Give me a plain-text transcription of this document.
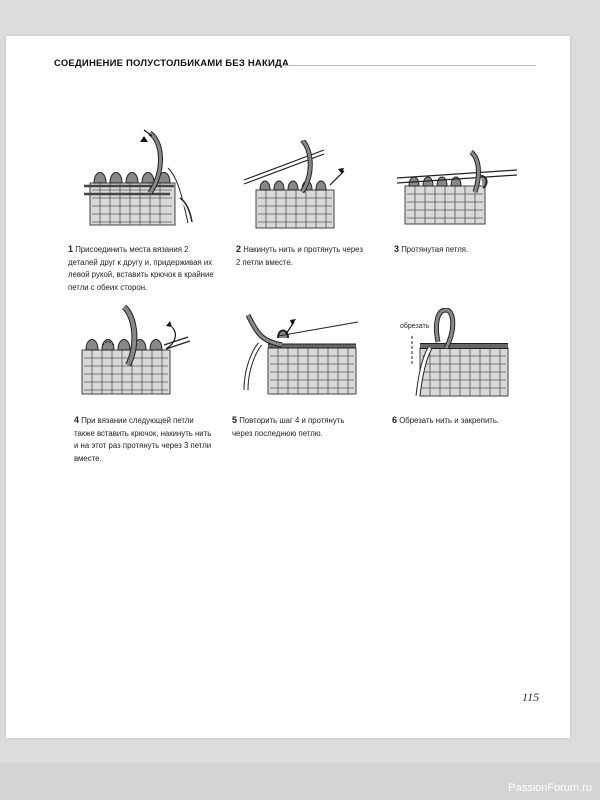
СОЕДИНЕНИЕ ПОЛУСТОЛБИКАМИ БЕЗ НАКИДА
1 Присоединить места вязания 2 деталей друг к другу и, придерживая их левой рукой, вставить крючок в крайние петли с обеих сторон.
2 Накинуть нить и протянуть через 2 петли вместе.
3 Протянутая петля.
4 При вязании следующей петли также вставить крючок, накинуть нить и на этот раз протянуть через 3 петли вместе.
5 Повторить шаг 4 и протянуть через последнюю петлю.
обрезать
6 Обрезать нить и закрепить.
115
PassionForum.ru
